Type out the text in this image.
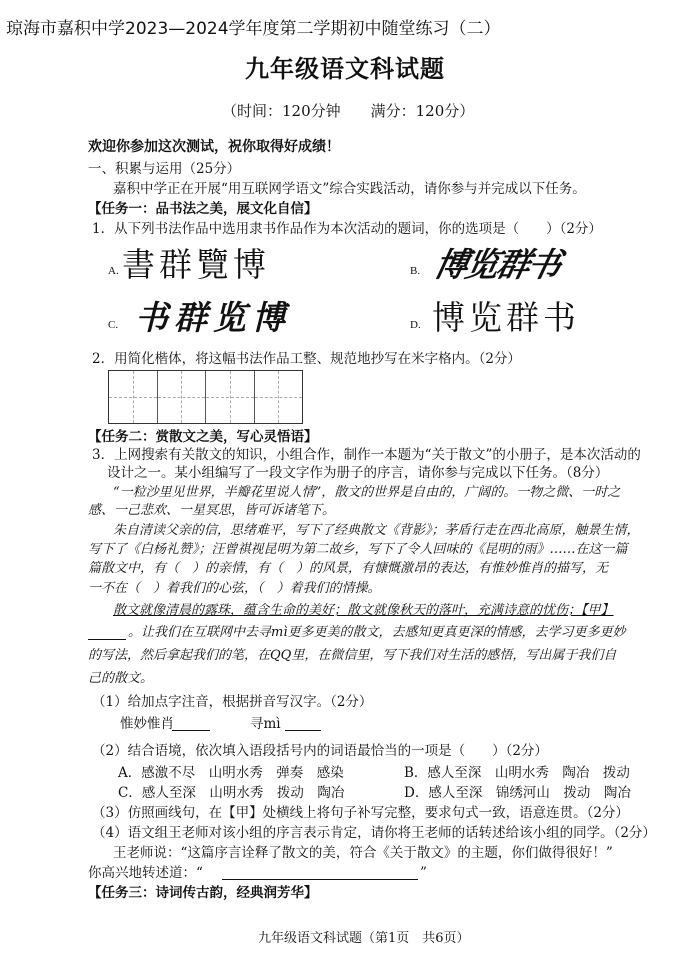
琼海市嘉积中学2023—2024学年度第二学期初中随堂练习（二）
九年级语文科试题
（时间：120分钟　　满分：120分）
欢迎你参加这次测试，祝你取得好成绩！
一、积累与运用（25分）
嘉积中学正在开展“用互联网学语文”综合实践活动，请你参与并完成以下任务。
【任务一：品书法之美，展文化自信】
1．从下列书法作品中选用隶书作品作为本次活动的题词，你的选项是（　　）（2分）
A. 書群覽博	B. 博览群书
C. 书群览博	D. 博览群书
2．用简化楷体，将这幅书法作品工整、规范地抄写在米字格内。（2分）
【任务二：赏散文之美，写心灵悟语】
3．上网搜索有关散文的知识，小组合作，制作一本题为“关于散文”的小册子，是本次活动的
设计之一。某小组编写了一段文字作为册子的序言，请你参与完成以下任务。（8分）
“一粒沙里见世界，半瓣花里说人情”，散文的世界是自由的，广阔的。一物之微、一时之
感、一己悲欢、一星冥思，皆可诉诸笔下。
朱自清读父亲的信，思绪难平，写下了经典散文《背影》；茅盾行走在西北高原，触景生情，
写下了《白杨礼赞》；汪曾祺视昆明为第二故乡，写下了令人回味的《昆明的雨》……在这一篇
篇散文中，有（　）的亲情，有（　）的风景，有慷慨激昂的表达，有惟妙惟肖的描写，无
一不在（　）着我们的心弦，（　）着我们的情操。
散文就像清晨的露珠，蕴含生命的美好；散文就像秋天的落叶，充满诗意的忧伤；【甲】
。让我们在互联网中去寻mì更多更美的散文，去感知更真更深的情感，去学习更多更妙
的写法，然后拿起我们的笔，在QQ里，在微信里，写下我们对生活的感悟，写出属于我们自
己的散文。
（1）给加点字注音，根据拼音写汉字。（2分）
惟妙惟肖	寻mì
（2）结合语境，依次填入语段括号内的词语最恰当的一项是（　　）（2分）
A．感激不尽　山明水秀　弹奏　感染	B．感人至深　山明水秀　陶冶　拨动
C．感人至深　山明水秀　拨动　陶冶	D．感人至深　锦绣河山　拨动　陶冶
（3）仿照画线句，在【甲】处横线上将句子补写完整，要求句式一致，语意连贯。（2分）
（4）语文组王老师对该小组的序言表示肯定，请你将王老师的话转述给该小组的同学。（2分）
王老师说：“这篇序言诠释了散文的美，符合《关于散文》的主题，你们做得很好！”
你高兴地转述道：“	”
【任务三：诗词传古韵，经典润芳华】
九年级语文科试题（第1页　共6页）
